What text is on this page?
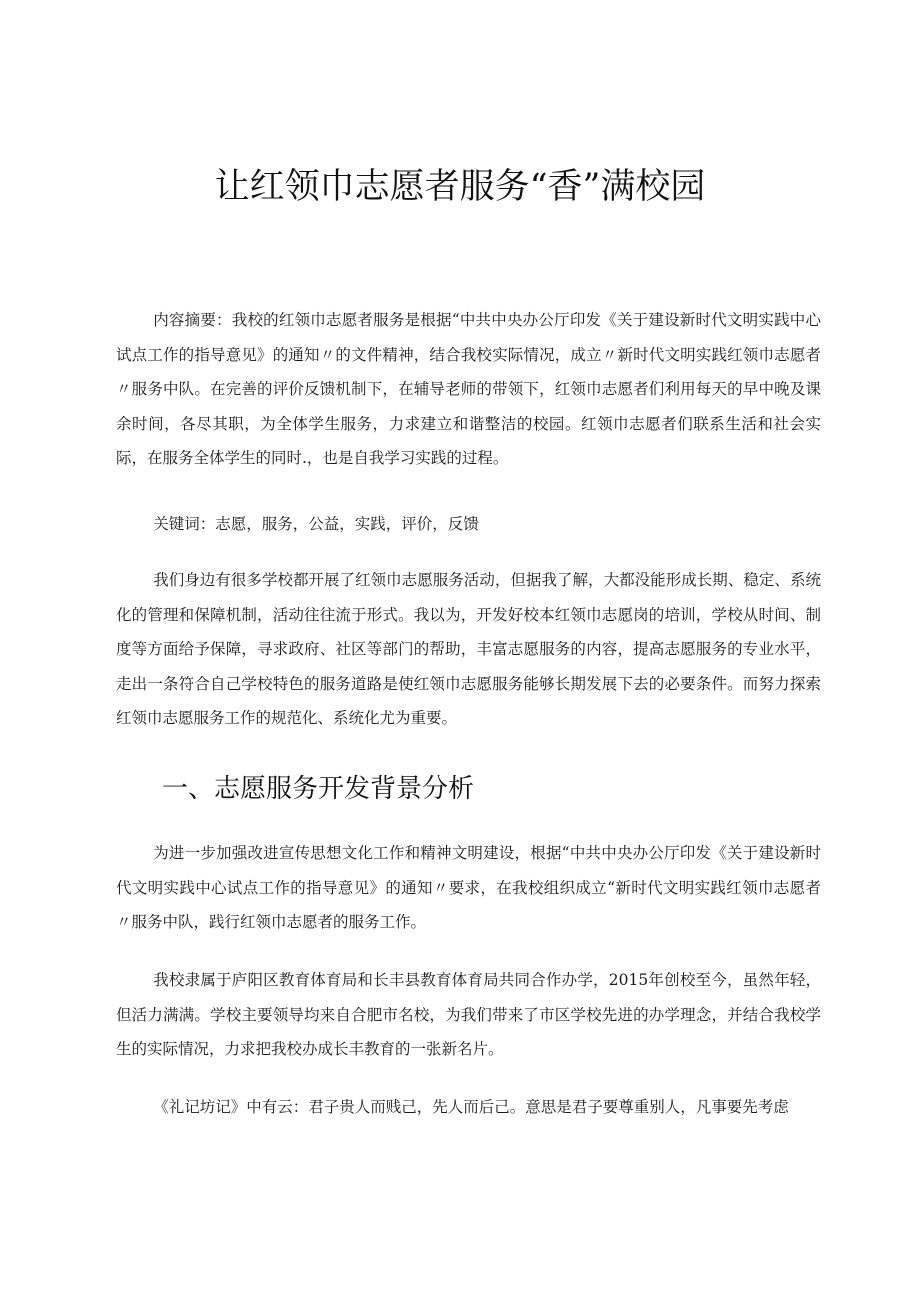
让红领巾志愿者服务“香”满校园
内容摘要：我校的红领巾志愿者服务是根据“中共中央办公厅印发《关于建设新时代文明实践中心试点工作的指导意见》的通知〃的文件精神，结合我校实际情况，成立〃新时代文明实践红领巾志愿者〃服务中队。在完善的评价反馈机制下，在辅导老师的带领下，红领巾志愿者们利用每天的早中晚及课余时间，各尽其职，为全体学生服务，力求建立和谐整洁的校园。红领巾志愿者们联系生活和社会实际，在服务全体学生的同时.，也是自我学习实践的过程。
关键词：志愿，服务，公益，实践，评价，反馈
我们身边有很多学校都开展了红领巾志愿服务活动，但据我了解，大都没能形成长期、稳定、系统化的管理和保障机制，活动往往流于形式。我以为，开发好校本红领巾志愿岗的培训，学校从时间、制度等方面给予保障，寻求政府、社区等部门的帮助，丰富志愿服务的内容，提高志愿服务的专业水平，走出一条符合自己学校特色的服务道路是使红领巾志愿服务能够长期发展下去的必要条件。而努力探索红领巾志愿服务工作的规范化、系统化尤为重要。
一、志愿服务开发背景分析
为进一步加强改进宣传思想文化工作和精神文明建设，根据“中共中央办公厅印发《关于建设新时代文明实践中心试点工作的指导意见》的通知〃要求，在我校组织成立“新时代文明实践红领巾志愿者〃服务中队，践行红领巾志愿者的服务工作。
我校隶属于庐阳区教育体育局和长丰县教育体育局共同合作办学，2015年创校至今，虽然年轻，但活力满满。学校主要领导均来自合肥市名校，为我们带来了市区学校先进的办学理念，并结合我校学生的实际情况，力求把我校办成长丰教育的一张新名片。
《礼记坊记》中有云：君子贵人而贱己，先人而后己。意思是君子要尊重别人，凡事要先考虑
